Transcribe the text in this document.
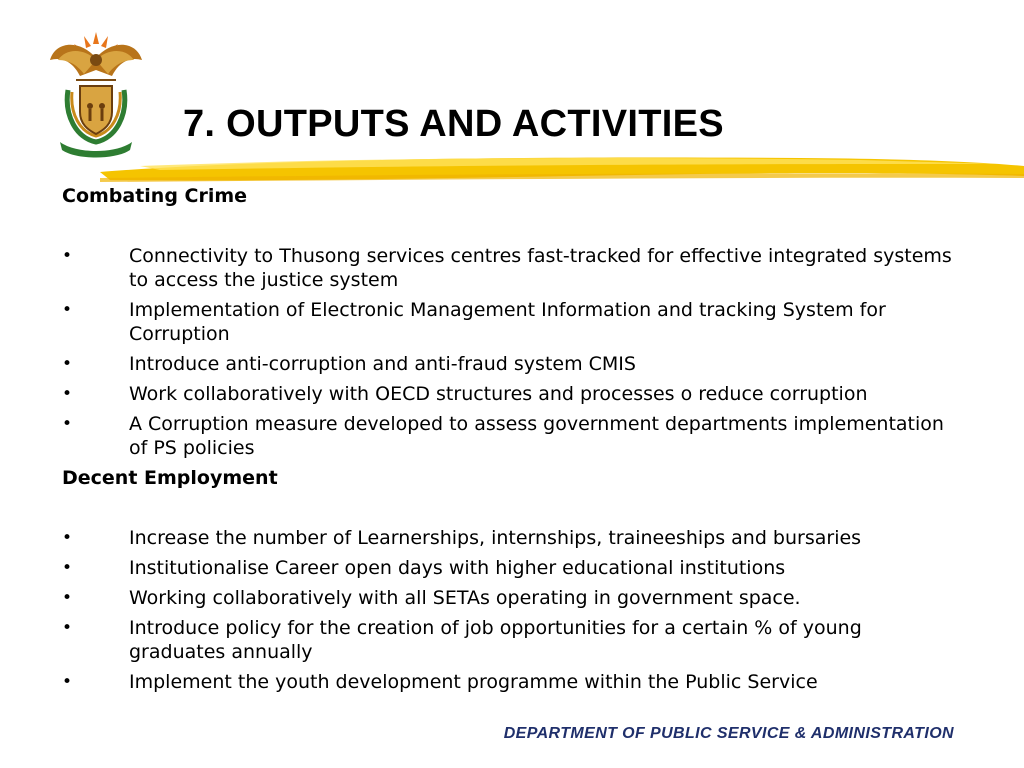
7. OUTPUTS AND ACTIVITIES

Combating Crime

•	Connectivity to Thusong services centres fast-tracked for effective integrated systems to access the justice system
•	Implementation of Electronic Management Information and tracking System for Corruption
•	Introduce anti-corruption and anti-fraud system CMIS
•	Work collaboratively with OECD structures and processes o reduce corruption
•	A Corruption measure developed to assess government departments implementation of PS policies

Decent Employment

•	Increase the number of Learnerships, internships, traineeships and bursaries
•	Institutionalise Career open days with higher educational institutions
•	Working collaboratively with all SETAs operating in government space.
•	Introduce policy for the creation of job opportunities for a certain % of young graduates annually
•	Implement the youth development programme within the Public Service
DEPARTMENT OF PUBLIC SERVICE & ADMINISTRATION
